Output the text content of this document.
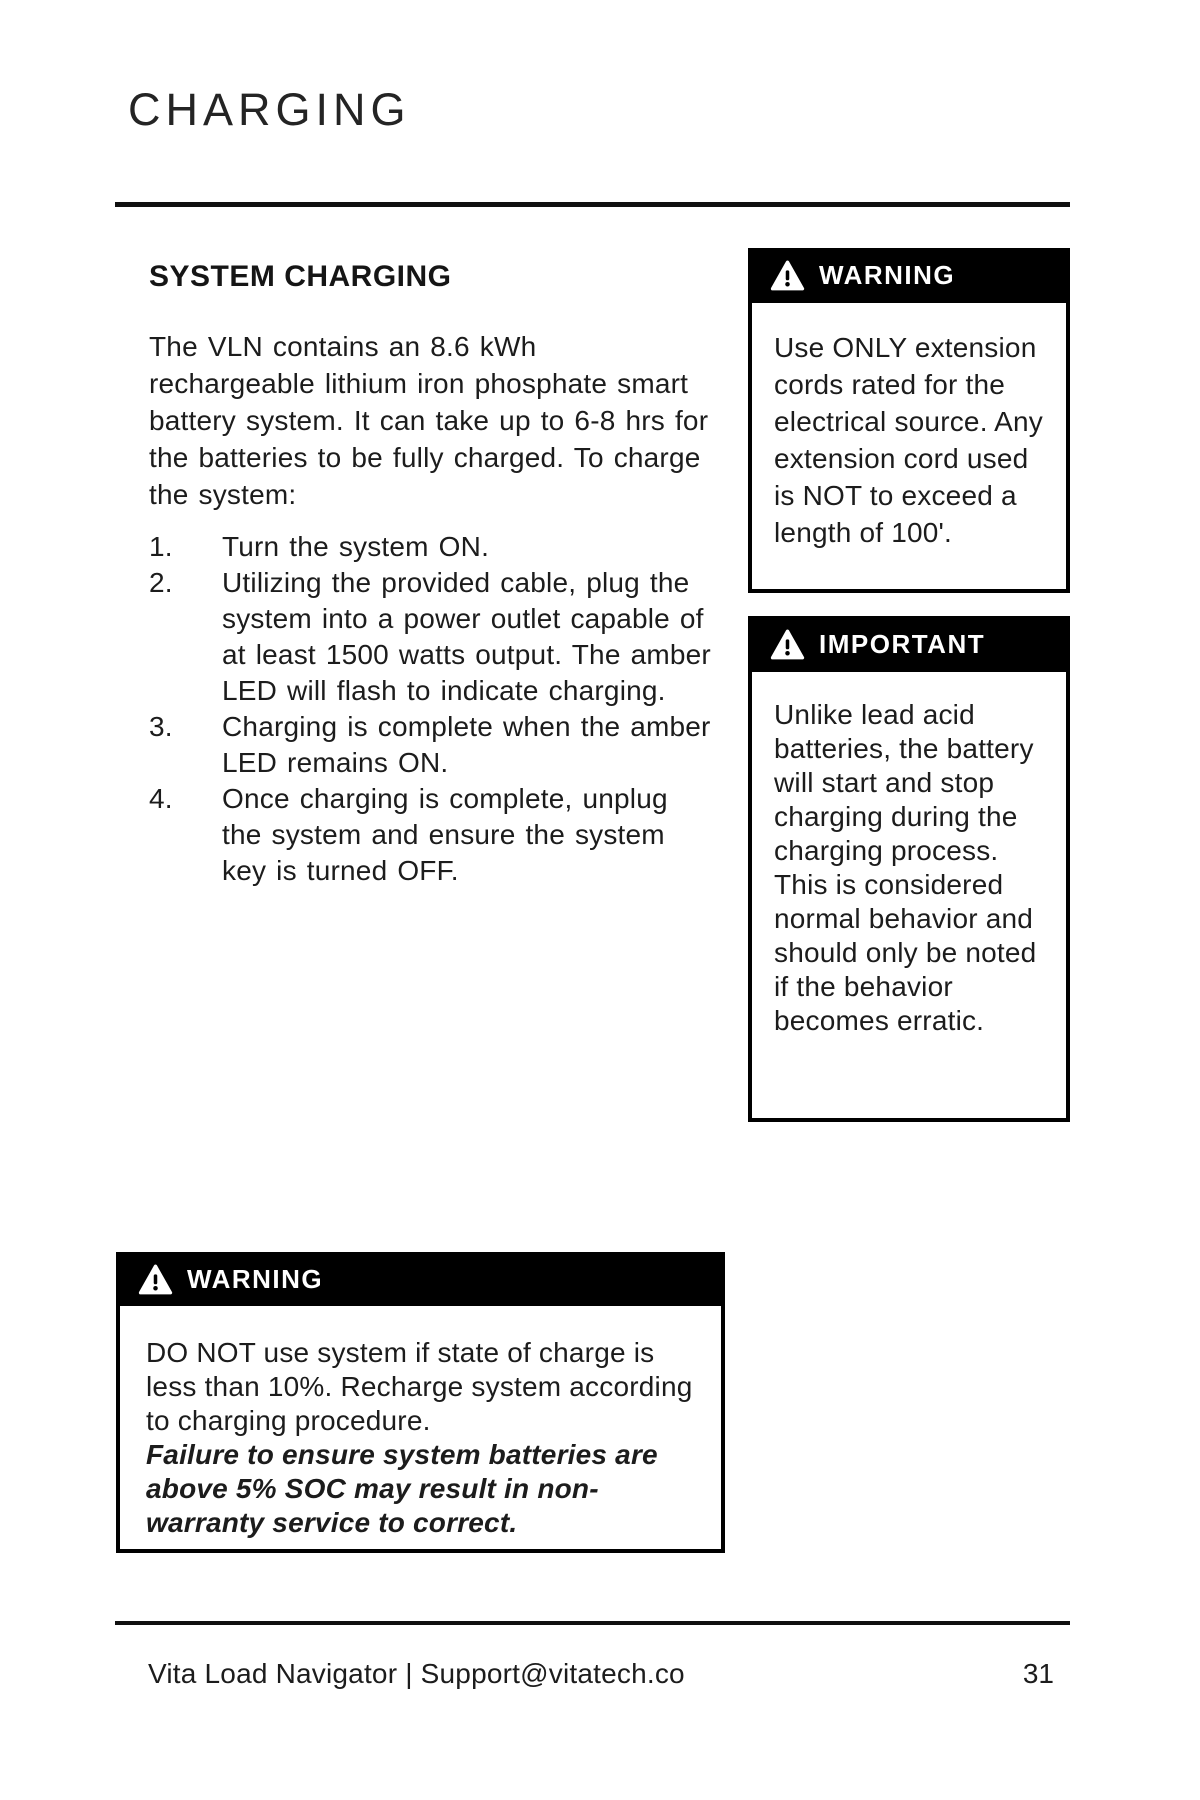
CHARGING
SYSTEM CHARGING

The VLN contains an 8.6 kWh rechargeable lithium iron phosphate smart battery system. It can take up to 6-8 hrs for the batteries to be fully charged. To charge the system:

1.	Turn the system ON.
2.	Utilizing the provided cable, plug the system into a power outlet capable of at least 1500 watts output. The amber LED will flash to indicate charging.
3.	Charging is complete when the amber LED remains ON.
4.	Once charging is complete, unplug the system and ensure the system key is turned OFF.
WARNING

Use ONLY extension cords rated for the electrical source. Any extension cord used is NOT to exceed a length of 100'.

IMPORTANT

Unlike lead acid batteries, the battery will start and stop charging during the charging process. This is considered normal behavior and should only be noted if the behavior becomes erratic.

WARNING

DO NOT use system if state of charge is less than 10%. Recharge system according to charging procedure.

Failure to ensure system batteries are above 5% SOC may result in non-warranty service to correct.

Vita Load Navigator | Support@vitatech.co	31
